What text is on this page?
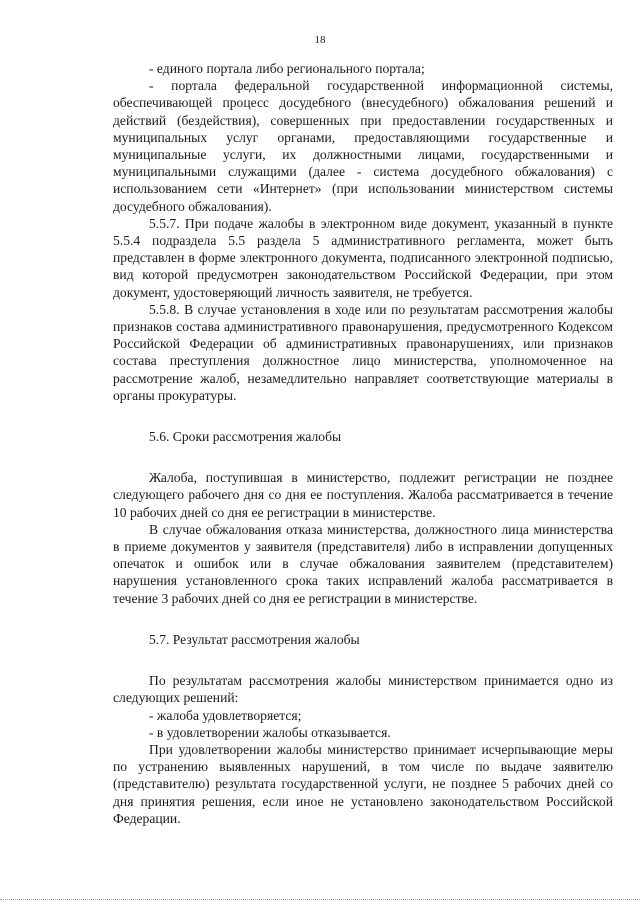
18

- единого портала либо регионального портала;

- портала федеральной государственной информационной системы, обеспечивающей процесс досудебного (внесудебного) обжалования решений и действий (бездействия), совершенных при предоставлении государственных и муниципальных услуг органами, предоставляющими государственные и муниципальные услуги, их должностными лицами, государственными и муниципальными служащими (далее - система досудебного обжалования) с использованием сети «Интернет» (при использовании министерством системы досудебного обжалования).

5.5.7. При подаче жалобы в электронном виде документ, указанный в пункте 5.5.4 подраздела 5.5 раздела 5 административного регламента, может быть представлен в форме электронного документа, подписанного электронной подписью, вид которой предусмотрен законодательством Российской Федерации, при этом документ, удостоверяющий личность заявителя, не требуется.

5.5.8. В случае установления в ходе или по результатам рассмотрения жалобы признаков состава административного правонарушения, предусмотренного Кодексом Российской Федерации об административных правонарушениях, или признаков состава преступления должностное лицо министерства, уполномоченное на рассмотрение жалоб, незамедлительно направляет соответствующие материалы в органы прокуратуры.

5.6. Сроки рассмотрения жалобы

Жалоба, поступившая в министерство, подлежит регистрации не позднее следующего рабочего дня со дня ее поступления. Жалоба рассматривается в течение 10 рабочих дней со дня ее регистрации в министерстве.

В случае обжалования отказа министерства, должностного лица министерства в приеме документов у заявителя (представителя) либо в исправлении допущенных опечаток и ошибок или в случае обжалования заявителем (представителем) нарушения установленного срока таких исправлений жалоба рассматривается в течение 3 рабочих дней со дня ее регистрации в министерстве.

5.7. Результат рассмотрения жалобы

По результатам рассмотрения жалобы министерством принимается одно из следующих решений:

- жалоба удовлетворяется;

- в удовлетворении жалобы отказывается.

При удовлетворении жалобы министерство принимает исчерпывающие меры по устранению выявленных нарушений, в том числе по выдаче заявителю (представителю) результата государственной услуги, не позднее 5 рабочих дней со дня принятия решения, если иное не установлено законодательством Российской Федерации.
